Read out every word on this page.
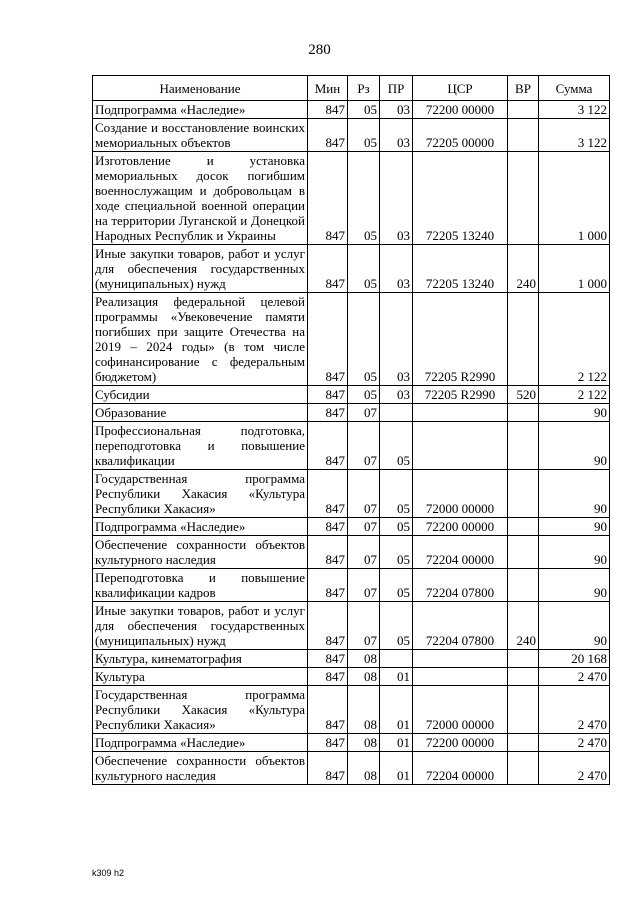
280
Наименование	Мин	Рз	ПР	ЦСР	ВР	Сумма
Подпрограмма «Наследие»	847	05	03	72200 00000		3 122
Создание и восстановление воинских мемориальных объектов	847	05	03	72205 00000		3 122
Изготовление и установка мемориальных досок погибшим военнослужащим и добровольцам в ходе специальной военной операции на территории Луганской и Донецкой Народных Республик и Украины	847	05	03	72205 13240		1 000
Иные закупки товаров, работ и услуг для обеспечения государственных (муниципальных) нужд	847	05	03	72205 13240	240	1 000
Реализация федеральной целевой программы «Увековечение памяти погибших при защите Отечества на 2019 – 2024 годы» (в том числе софинансирование с федеральным бюджетом)	847	05	03	72205 R2990		2 122
Субсидии	847	05	03	72205 R2990	520	2 122
Образование	847	07				90
Профессиональная подготовка, переподготовка и повышение квалификации	847	07	05			90
Государственная программа Республики Хакасия «Культура Республики Хакасия»	847	07	05	72000 00000		90
Подпрограмма «Наследие»	847	07	05	72200 00000		90
Обеспечение сохранности объектов культурного наследия	847	07	05	72204 00000		90
Переподготовка и повышение квалификации кадров	847	07	05	72204 07800		90
Иные закупки товаров, работ и услуг для обеспечения государственных (муниципальных) нужд	847	07	05	72204 07800	240	90
Культура, кинематография	847	08				20 168
Культура	847	08	01			2 470
Государственная программа Республики Хакасия «Культура Республики Хакасия»	847	08	01	72000 00000		2 470
Подпрограмма «Наследие»	847	08	01	72200 00000		2 470
Обеспечение сохранности объектов культурного наследия	847	08	01	72204 00000		2 470
k309 h2
